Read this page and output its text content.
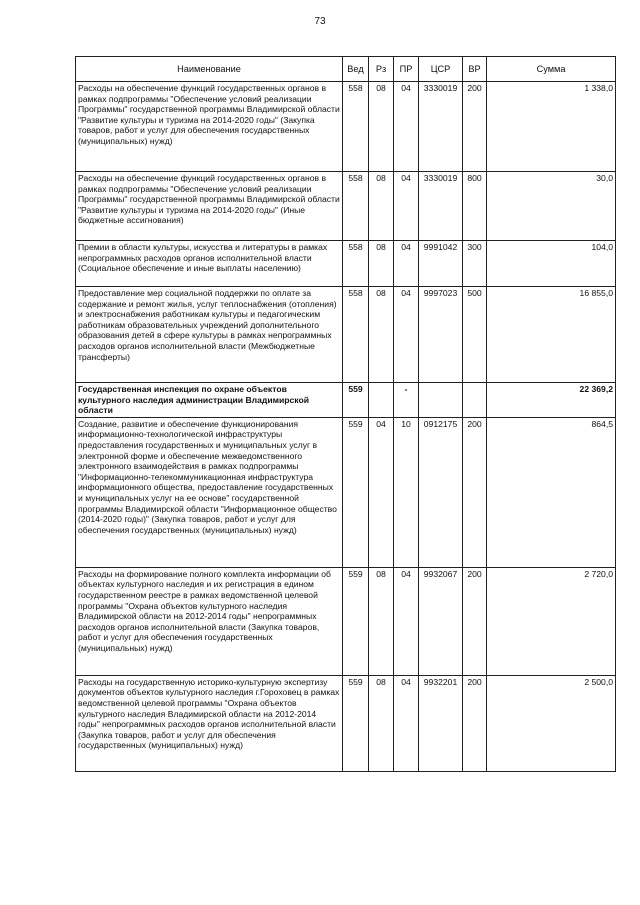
73
Наименование	Вед	Рз	ПР	ЦСР	ВР	Сумма
Расходы на обеспечение функций государственных органов в рамках подпрограммы "Обеспечение условий реализации Программы" государственной программы Владимирской области "Развитие культуры и туризма на 2014-2020 годы" (Закупка товаров, работ и услуг для обеспечения государственных (муниципальных) нужд)	558	08	04	3330019	200	1 338,0
Расходы на обеспечение функций государственных органов в рамках подпрограммы "Обеспечение условий реализации Программы" государственной программы Владимирской области "Развитие культуры и туризма на 2014-2020 годы" (Иные бюджетные ассигнования)	558	08	04	3330019	800	30,0
Премии в области культуры, искусства и литературы в рамках непрограммных расходов органов исполнительной власти (Социальное обеспечение и иные выплаты населению)	558	08	04	9991042	300	104,0
Предоставление мер социальной поддержки по оплате за содержание и ремонт жилья, услуг теплоснабжения (отопления) и электроснабжения работникам культуры и педагогическим работникам образовательных учреждений дополнительного образования детей в сфере культуры в рамках непрограммных расходов органов исполнительной власти (Межбюджетные трансферты)	558	08	04	9997023	500	16 855,0
Государственная инспекция по охране объектов культурного наследия администрации Владимирской области	559		-			22 369,2
Создание, развитие и обеспечение функционирования информационно-технологической инфраструктуры предоставления государственных и муниципальных услуг в электронной форме и обеспечение межведомственного электронного взаимодействия в рамках подпрограммы "Информационно-телекоммуникационная инфраструктура информационного общества, предоставление государственных и муниципальных услуг на ее основе" государственной программы Владимирской области "Информационное общество (2014-2020 годы)" (Закупка товаров, работ и услуг для обеспечения государственных (муниципальных) нужд)	559	04	10	0912175	200	864,5
Расходы на формирование полного комплекта информации об объектах культурного наследия и их регистрация в едином государственном реестре в рамках ведомственной целевой программы "Охрана объектов культурного наследия Владимирской области на 2012-2014 годы" непрограммных расходов органов исполнительной власти (Закупка товаров, работ и услуг для обеспечения государственных (муниципальных) нужд)	559	08	04	9932067	200	2 720,0
Расходы на государственную историко-культурную экспертизу документов объектов культурного наследия г.Гороховец в рамках ведомственной целевой программы "Охрана объектов культурного наследия Владимирской области на 2012-2014 годы" непрограммных расходов органов исполнительной власти (Закупка товаров, работ и услуг для обеспечения государственных (муниципальных) нужд)	559	08	04	9932201	200	2 500,0
